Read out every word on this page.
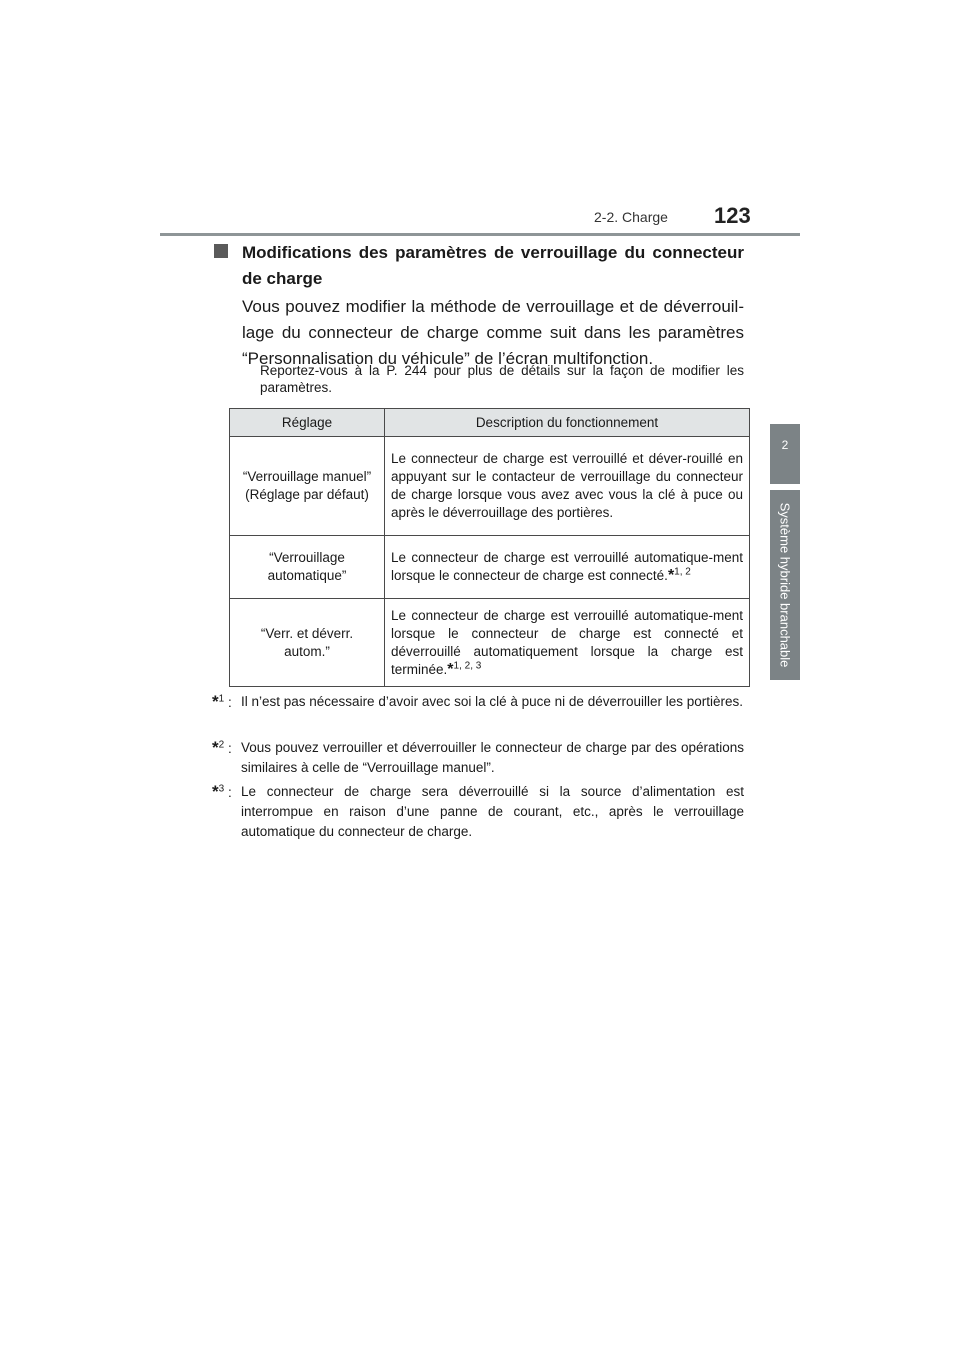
2-2. Charge 123
2
Système hybride branchable
Modifications des paramètres de verrouillage du connecteur de charge
Vous pouvez modifier la méthode de verrouillage et de déverrouil-lage du connecteur de charge comme suit dans les paramètres “Personnalisation du véhicule” de l’écran multifonction.
Reportez-vous à la P. 244 pour plus de détails sur la façon de modifier les paramètres.
Réglage	Description du fonctionnement

“Verrouillage manuel”
(Réglage par défaut)	Le connecteur de charge est verrouillé et déver-rouillé en appuyant sur le contacteur de verrouillage du connecteur de charge lorsque vous avez avec vous la clé à puce ou après le déverrouillage des portières.

“Verrouillage
automatique”	Le connecteur de charge est verrouillé automatique-ment lorsque le connecteur de charge est connecté.*$^{1, 2}$

“Verr. et déverr.
autom.”	Le connecteur de charge est verrouillé automatique-ment lorsque le connecteur de charge est connecté et déverrouillé automatiquement lorsque la charge est terminée.*$^{1, 2, 3}$
*$^1$ : Il n’est pas nécessaire d’avoir avec soi la clé à puce ni de déverrouiller les portières.
*$^2$ : Vous pouvez verrouiller et déverrouiller le connecteur de charge par des opérations similaires à celle de “Verrouillage manuel”.
*$^3$ : Le connecteur de charge sera déverrouillé si la source d’alimentation est interrompue en raison d’une panne de courant, etc., après le verrouillage automatique du connecteur de charge.
